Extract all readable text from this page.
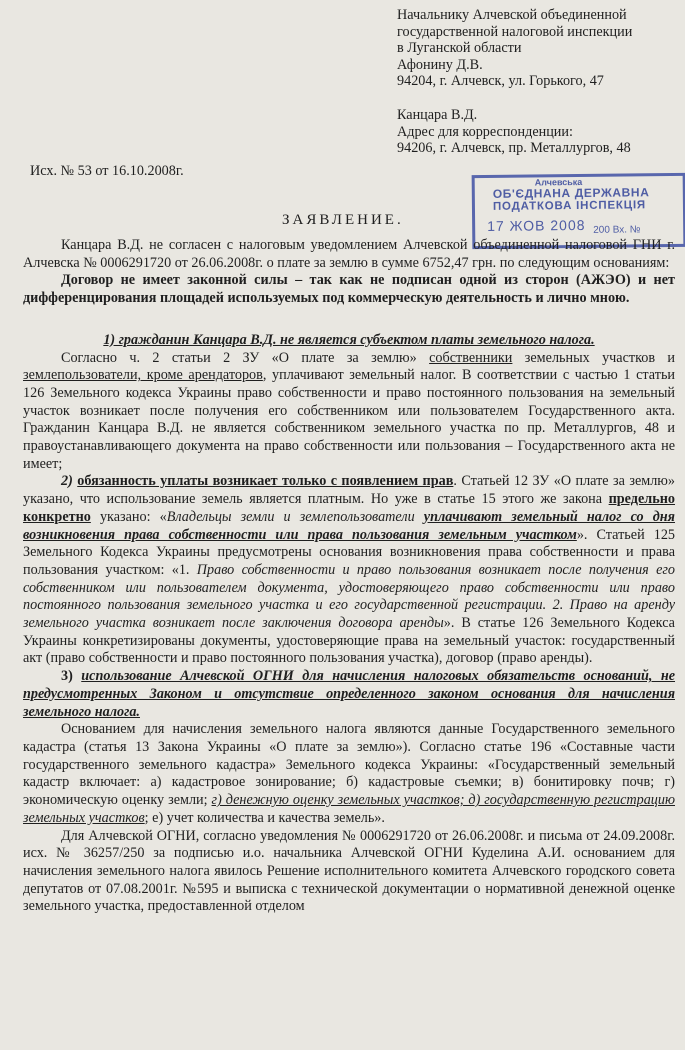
Начальнику Алчевской объединенной
государственной налоговой инспекции
в Луганской области
Афонину Д.В.
94204, г. Алчевск, ул. Горького, 47
Канцара В.Д.
Адрес для корреспонденции:
94206, г. Алчевск, пр. Металлургов, 48
Исх. № 53 от 16.10.2008г.
Алчевська
ОБ'ЄДНАНА ДЕРЖАВНА
ПОДАТКОВА ІНСПЕКЦІЯ
17 ЖОВ 2008 200 Вх. №
ЗАЯВЛЕНИЕ.

Канцара В.Д. не согласен с налоговым уведомлением Алчевской объединенной налоговой ГНИ г. Алчевска № 0006291720 от 26.06.2008г. о плате за землю в сумме 6752,47 грн. по следующим основаниям:

Договор не имеет законной силы – так как не подписан одной из сторон (АЖЭО) и нет дифференцирования площадей используемых под коммерческую деятельность и лично мною.

1) гражданин Канцара В.Д. не является субъектом платы земельного налога.

Согласно ч. 2 статьи 2 ЗУ «О плате за землю» собственники земельных участков и землепользователи, кроме арендаторов, уплачивают земельный налог. В соответствии с частью 1 статьи 126 Земельного кодекса Украины право собственности и право постоянного пользования на земельный участок возникает после получения его собственником или пользователем Государственного акта. Гражданин Канцара В.Д. не является собственником земельного участка по пр. Металлургов, 48 и правоустанавливающего документа на право собственности или пользования – Государственного акта не имеет;

2) обязанность уплаты возникает только с появлением прав. Статьей 12 ЗУ «О плате за землю» указано, что использование земель является платным. Но уже в статье 15 этого же закона предельно конкретно указано: «Владельцы земли и землепользователи уплачивают земельный налог со дня возникновения права собственности или права пользования земельным участком». Статьей 125 Земельного Кодекса Украины предусмотрены основания возникновения права собственности и права пользования участком: «1. Право собственности и право пользования возникает после получения его собственником или пользователем документа, удостоверяющего право собственности или право постоянного пользования земельного участка и его государственной регистрации. 2. Право на аренду земельного участка возникает после заключения договора аренды». В статье 126 Земельного Кодекса Украины конкретизированы документы, удостоверяющие права на земельный участок: государственный акт (право собственности и право постоянного пользования участка), договор (право аренды).

3) использование Алчевской ОГНИ для начисления налоговых обязательств оснований, не предусмотренных Законом и отсутствие определенного законом основания для начисления земельного налога.

Основанием для начисления земельного налога являются данные Государственного земельного кадастра (статья 13 Закона Украины «О плате за землю»). Согласно статье 196 «Составные части государственного земельного кадастра» Земельного кодекса Украины: «Государственный земельный кадастр включает: а) кадастровое зонирование; б) кадастровые съемки; в) бонитировку почв; г) экономическую оценку земли; г) денежную оценку земельных участков; д) государственную регистрацию земельных участков; е) учет количества и качества земель».

Для Алчевской ОГНИ, согласно уведомления № 0006291720 от 26.06.2008г. и письма от 24.09.2008г. исх. № 36257/250 за подписью и.о. начальника Алчевской ОГНИ Куделина А.И. основанием для начисления земельного налога явилось Решение исполнительного комитета Алчевского городского совета депутатов от 07.08.2001г. №595 и выписка с технической документации о нормативной денежной оценке земельного участка, предоставленной отделом
